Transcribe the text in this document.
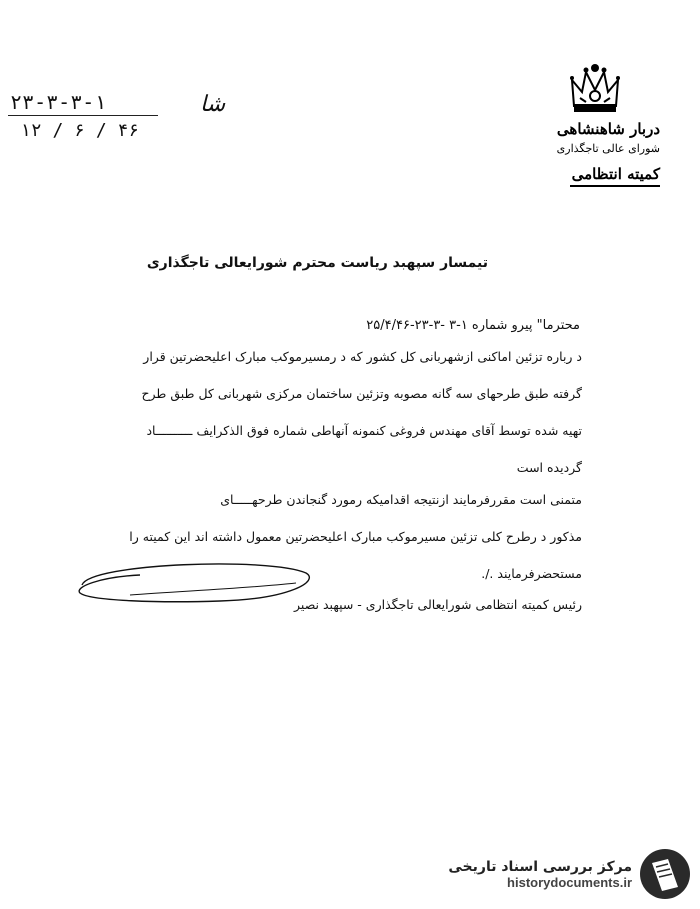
دربار شاهنشاهی
شورای عالی تاجگذاری
کمیته انتظامی
۲۳-۳-۳-۱
۱۲ / ۶ / ۴۶
شا
تیمسار سپهبد ریاست محترم شورایعالی تاجگذاری
محترما" پیرو شماره ۱-۳ -۳-۲۳-۲۵/۴/۴۶
د رباره تزئین اماکنی ازشهربانی کل کشور که د رمسیرموکب مبارک اعلیحضرتین قرار
گرفته طبق طرحهای سه گانه مصوبه وتزئین ساختمان مرکزی شهربانی کل طبق طرح
تهیه شده توسط آقای مهندس فروغی کنمونه آنهاطی شماره فوق الذکرایف ــــــــــاد
گردیده است
متمنی است مقررفرمایند ازنتیجه اقدامیکه رمورد گنجاندن طرحهـــــای
مذکور د رطرح کلی تزئین مسیرموکب مبارک اعلیحضرتین معمول داشته اند این کمیته را
مستحضرفرمایند ./.
رئیس کمیته انتظامی شورایعالی تاجگذاری - سپهبد نصیر
مرکز بررسی اسناد تاریخی
historydocuments.ir
